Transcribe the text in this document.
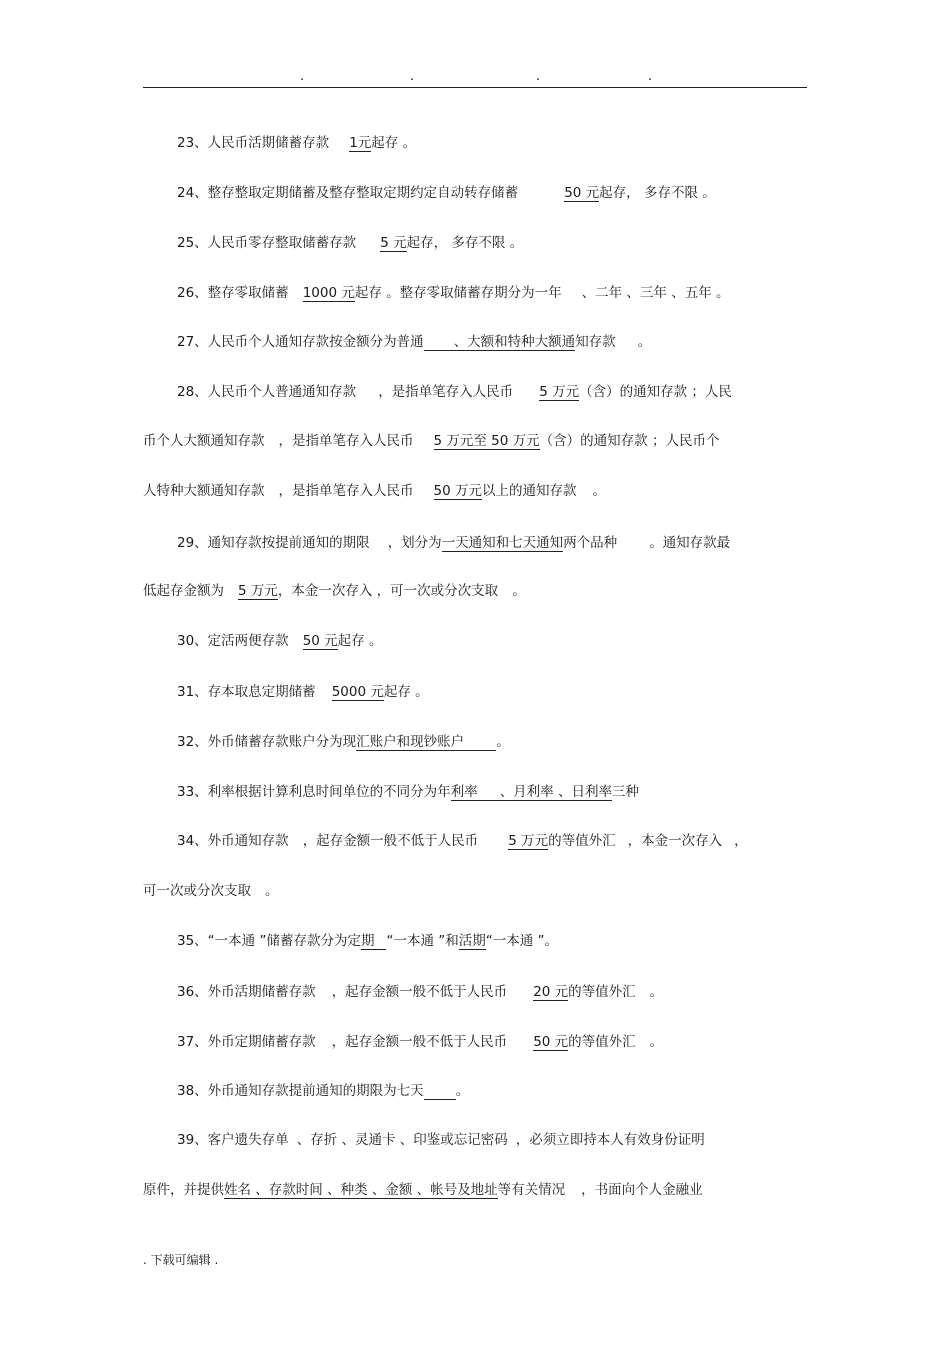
.	.	.	.
23、人民币活期储蓄存款 1元起存 。
24、整存整取定期储蓄及整存整取定期约定自动转存储蓄	50 元起存， 多存不限 。
25、人民币零存整取储蓄存款 5 元起存， 多存不限 。
26、整存零取储蓄 1000 元起存 。整存零取储蓄存期分为一年 、二年 、三年 、五年 。
27、人民币个人通知存款按金额分为普通 、大额和特种大额通知存款 。
28、人民币个人普通通知存款 ，是指单笔存入人民币 5 万元（含）的通知存款 ；人民
币个人大额通知存款 ，是指单笔存入人民币 5 万元至 50 万元（含）的通知存款 ；人民币个
人特种大额通知存款 ，是指单笔存入人民币 50 万元以上的通知存款 。
29、通知存款按提前通知的期限 ，划分为一天通知和七天通知两个品种 。通知存款最
低起存金额为 5 万元，本金一次存入 ，可一次或分次支取 。
30、定活两便存款 50 元起存 。
31、存本取息定期储蓄 5000 元起存 。
32、外币储蓄存款账户分为现汇账户和现钞账户 。
33、利率根据计算利息时间单位的不同分为年利率 、月利率 、日利率三种
34、外币通知存款 ，起存金额一般不低于人民币 5 万元的等值外汇 ，本金一次存入 ，
可一次或分次支取 。
35、“一本通 ”储蓄存款分为定期 “一本通 ”和活期“一本通 ”。
36、外币活期储蓄存款 ，起存金额一般不低于人民币 20 元的等值外汇 。
37、外币定期储蓄存款 ，起存金额一般不低于人民币 50 元的等值外汇 。
38、外币通知存款提前通知的期限为七天 。
39、客户遗失存单 、存折 、灵通卡 、印鉴或忘记密码 ，必须立即持本人有效身份证明
原件，并提供姓名 、存款时间 、种类 、金额 、帐号及地址等有关情况 ，书面向个人金融业
. 下载可编辑 .
